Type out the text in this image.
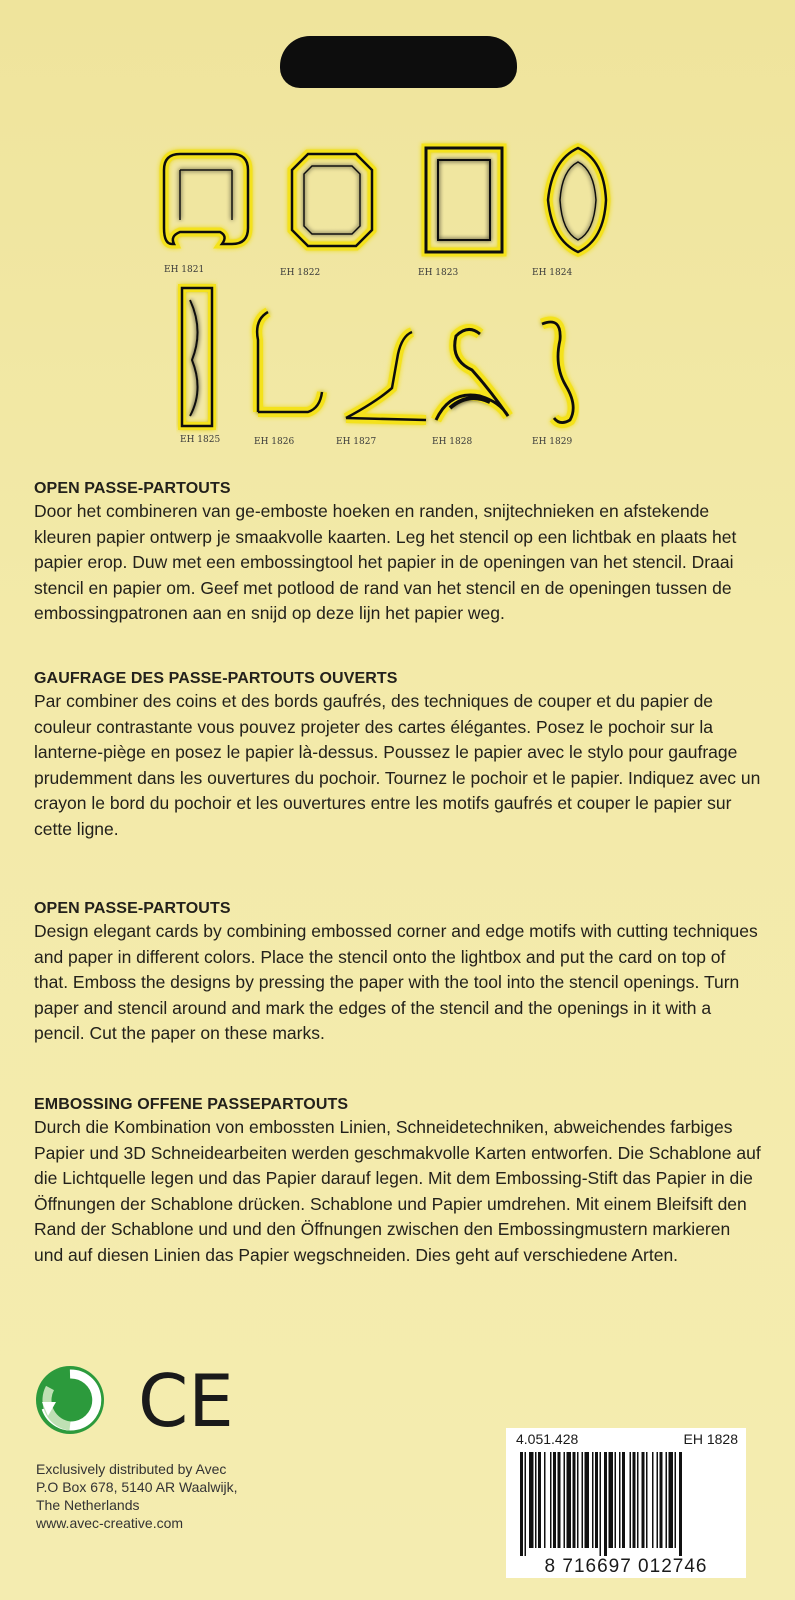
EH 1821	EH 1822	EH 1823	EH 1824
EH 1825	EH 1826	EH 1827	EH 1828	EH 1829
OPEN PASSE-PARTOUTS

Door het combineren van ge-emboste hoeken en randen, snijtechnieken en afstekende kleuren papier ontwerp je smaakvolle kaarten. Leg het stencil op een lichtbak en plaats het papier erop. Duw met een embossingtool het papier in de openingen van het stencil. Draai stencil en papier om. Geef met potlood de rand van het stencil en de openingen tussen de embossingpatronen aan en snijd op deze lijn het papier weg.

GAUFRAGE DES PASSE-PARTOUTS OUVERTS

Par combiner des coins et des bords gaufrés, des techniques de couper et du papier de couleur contrastante vous pouvez projeter des cartes élégantes. Posez le pochoir sur la lanterne-piège en posez le papier là-dessus. Poussez le papier avec le stylo pour gaufrage prudemment dans les ouvertures du pochoir. Tournez le pochoir et le papier. Indiquez avec un crayon le bord du pochoir et les ouvertures entre les motifs gaufrés et couper le papier sur cette ligne.

OPEN PASSE-PARTOUTS

Design elegant cards by combining embossed corner and edge motifs with cutting techniques and paper in different colors. Place the stencil onto the lightbox and put the card on top of that. Emboss the designs by pressing the paper with the tool into the stencil openings. Turn paper and stencil around and mark the edges of the stencil and the openings in it with a pencil. Cut the paper on these marks.

EMBOSSING OFFENE PASSEPARTOUTS

Durch die Kombination von embossten Linien, Schneidetechniken, abweichendes farbiges Papier und 3D Schneidearbeiten werden geschmakvolle Karten entworfen. Die Schablone auf die Lichtquelle legen und das Papier darauf legen. Mit dem Embossing-Stift das Papier in die Öffnungen der Schablone drücken. Schablone und Papier umdrehen. Mit einem Bleifsift den Rand der Schablone und und den Öffnungen zwischen den Embossingmustern markieren und auf diesen Linien das Papier wegschneiden. Dies geht auf verschiedene Arten.

CE
Exclusively distributed by Avec
P.O Box 678, 5140 AR Waalwijk,
The Netherlands
www.avec-creative.com
4.051.428	EH 1828
8 716697 012746
